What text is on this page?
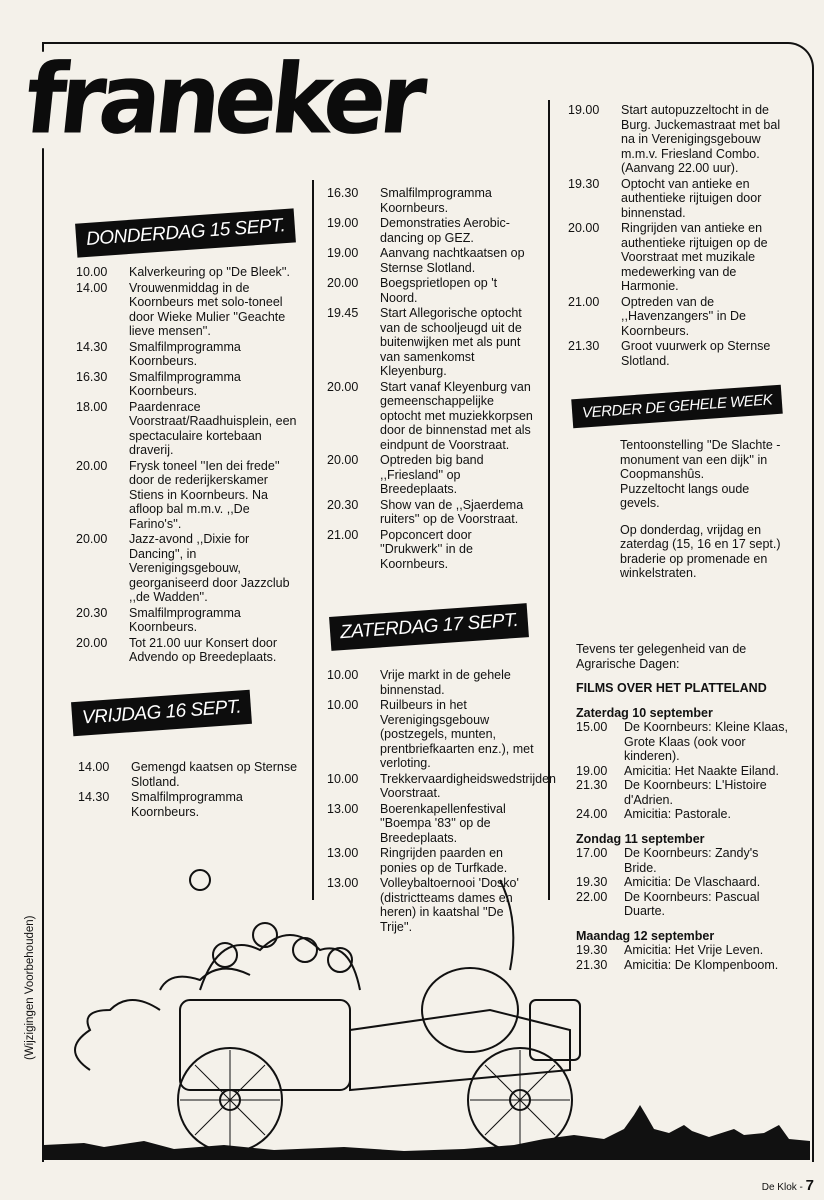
franeker
DONDERDAG 15 SEPT.
10.00	Kalverkeuring op ''De Bleek''.
14.00	Vrouwenmiddag in de Koornbeurs met solo-toneel door Wieke Mulier ''Geachte lieve mensen''.
14.30	Smalfilmprogramma Koornbeurs.
16.30	Smalfilmprogramma Koornbeurs.
18.00	Paardenrace Voorstraat/Raadhuisplein, een spectaculaire kortebaan draverij.
20.00	Frysk toneel ''Ien dei frede'' door de rederijkerskamer Stiens in Koornbeurs. Na afloop bal m.m.v. ,,De Farino's''.
20.00	Jazz-avond ,,Dixie for Dancing'', in Verenigingsgebouw, georganiseerd door Jazzclub ,,de Wadden''.
20.30	Smalfilmprogramma Koornbeurs.
20.00	Tot 21.00 uur Konsert door Advendo op Breedeplaats.
VRIJDAG 16 SEPT.
14.00	Gemengd kaatsen op Sternse Slotland.
14.30	Smalfilmprogramma Koornbeurs.
16.30	Smalfilmprogramma Koornbeurs.
19.00	Demonstraties Aerobic-dancing op GEZ.
19.00	Aanvang nachtkaatsen op Sternse Slotland.
20.00	Boegsprietlopen op 't Noord.
19.45	Start Allegorische optocht van de schooljeugd uit de buitenwijken met als punt van samenkomst Kleyenburg.
20.00	Start vanaf Kleyenburg van gemeenschappelijke optocht met muziekkorpsen door de binnenstad met als eindpunt de Voorstraat.
20.00	Optreden big band ,,Friesland'' op Breedeplaats.
20.30	Show van de ,,Sjaerdema ruiters'' op de Voorstraat.
21.00	Popconcert door ''Drukwerk'' in de Koornbeurs.
ZATERDAG 17 SEPT.
10.00	Vrije markt in de gehele binnenstad.
10.00	Ruilbeurs in het Verenigingsgebouw (postzegels, munten, prentbriefkaarten enz.), met verloting.
10.00	Trekkervaardigheidswedstrijden Voorstraat.
13.00	Boerenkapellenfestival ''Boempa '83'' op de Breedeplaats.
13.00	Ringrijden paarden en ponies op de Turfkade.
13.00	Volleybaltoernooi 'Dosko' (districtteams dames en heren) in kaatshal ''De Trije''.
19.00	Start autopuzzeltocht in de Burg. Juckemastraat met bal na in Verenigingsgebouw m.m.v. Friesland Combo. (Aanvang 22.00 uur).
19.30	Optocht van antieke en authentieke rijtuigen door binnenstad.
20.00	Ringrijden van antieke en authentieke rijtuigen op de Voorstraat met muzikale medewerking van de Harmonie.
21.00	Optreden van de ,,Havenzangers'' in De Koornbeurs.
21.30	Groot vuurwerk op Sternse Slotland.
VERDER DE GEHELE WEEK
Tentoonstelling ''De Slachte - monument van een dijk'' in Coopmanshûs.
Puzzeltocht langs oude gevels.
Op donderdag, vrijdag en zaterdag (15, 16 en 17 sept.) braderie op promenade en winkelstraten.
Tevens ter gelegenheid van de Agrarische Dagen:
FILMS OVER HET PLATTELAND
Zaterdag 10 september
15.00	De Koornbeurs: Kleine Klaas, Grote Klaas (ook voor kinderen).
19.00	Amicitia: Het Naakte Eiland.
21.30	De Koornbeurs: L'Histoire d'Adrien.
24.00	Amicitia: Pastorale.
Zondag 11 september
17.00	De Koornbeurs: Zandy's Bride.
19.30	Amicitia: De Vlaschaard.
22.00	De Koornbeurs: Pascual Duarte.
Maandag 12 september
19.30	Amicitia: Het Vrije Leven.
21.30	Amicitia: De Klompenboom.
(Wijzigingen Voorbehouden)
De Klok - 7
